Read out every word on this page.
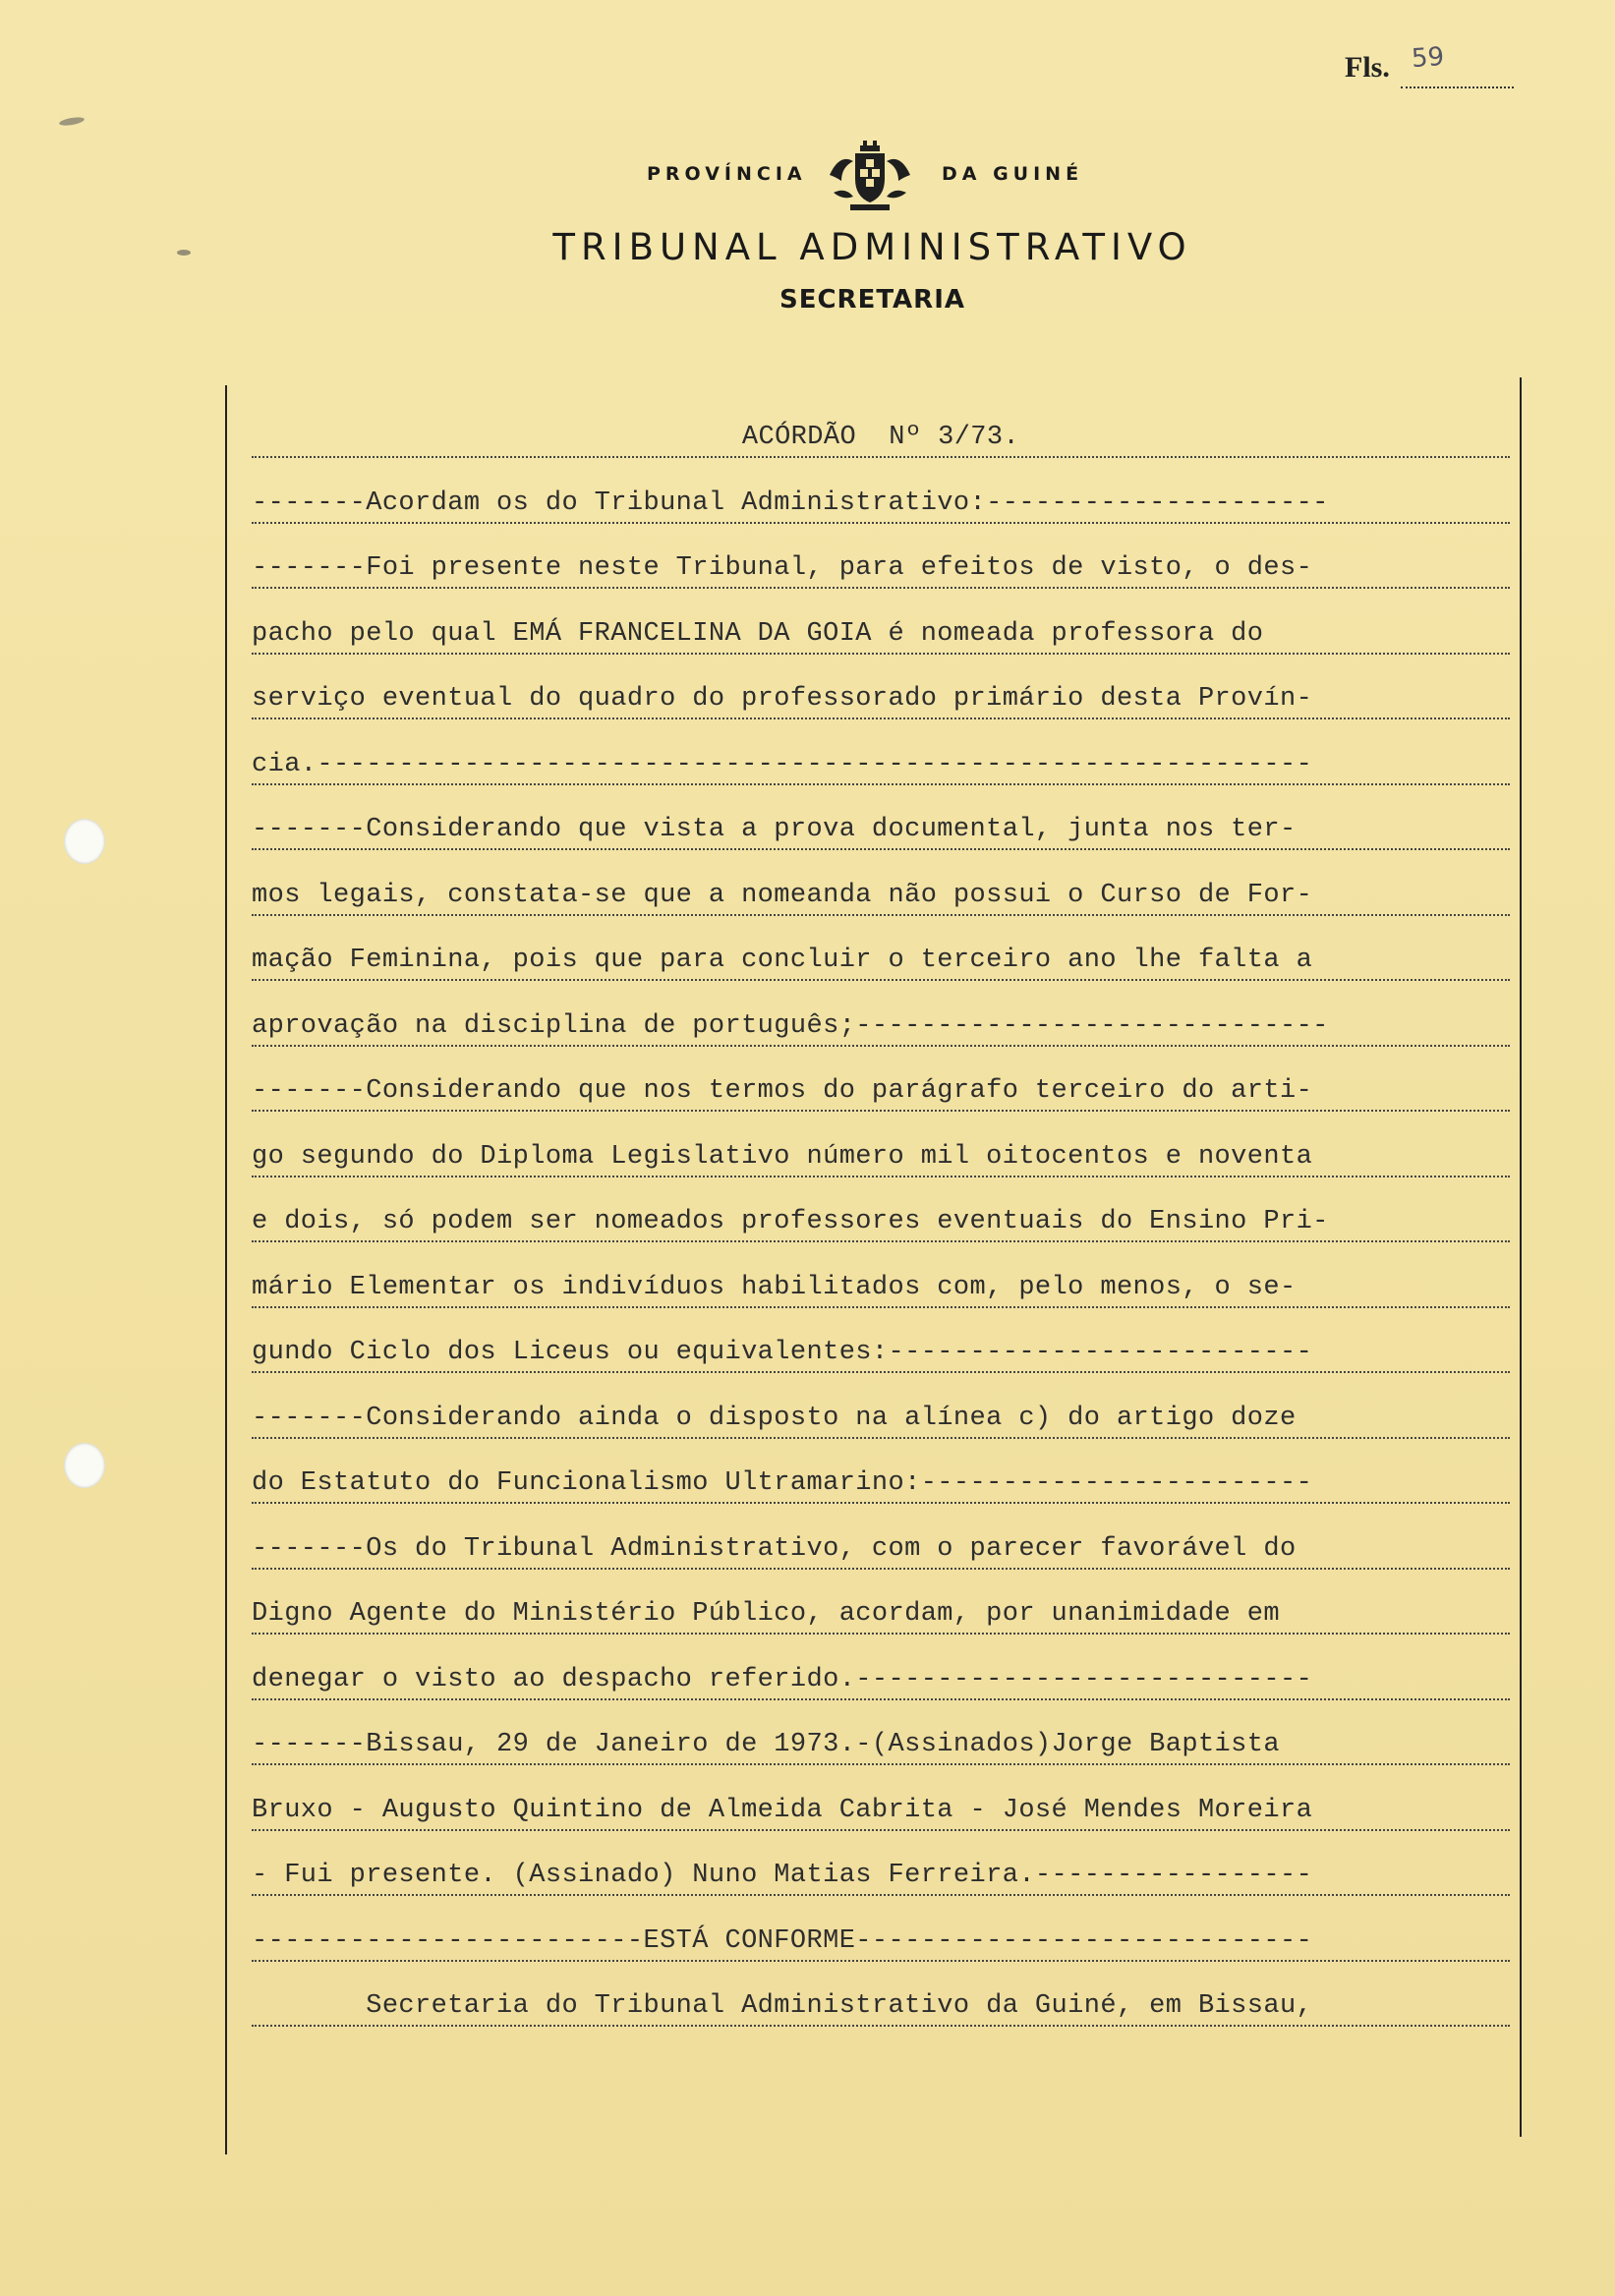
Fls. 59
PROVÍNCIA	DA GUINÉ
TRIBUNAL ADMINISTRATIVO
SECRETARIA
ACÓRDÃO  Nº 3/73.
-------Acordam os do Tribunal Administrativo:---------------------
-------Foi presente neste Tribunal, para efeitos de visto, o des-
pacho pelo qual EMÁ FRANCELINA DA GOIA é nomeada professora do
serviço eventual do quadro do professorado primário desta Provín-
cia.-------------------------------------------------------------
-------Considerando que vista a prova documental, junta nos ter-
mos legais, constata-se que a nomeanda não possui o Curso de For-
mação Feminina, pois que para concluir o terceiro ano lhe falta a
aprovação na disciplina de português;-----------------------------
-------Considerando que nos termos do parágrafo terceiro do arti-
go segundo do Diploma Legislativo número mil oitocentos e noventa
e dois, só podem ser nomeados professores eventuais do Ensino Pri-
mário Elementar os indivíduos habilitados com, pelo menos, o se-
gundo Ciclo dos Liceus ou equivalentes:--------------------------
-------Considerando ainda o disposto na alínea c) do artigo doze
do Estatuto do Funcionalismo Ultramarino:------------------------
-------Os do Tribunal Administrativo, com o parecer favorável do
Digno Agente do Ministério Público, acordam, por unanimidade em
denegar o visto ao despacho referido.----------------------------
-------Bissau, 29 de Janeiro de 1973.-(Assinados)Jorge Baptista
Bruxo - Augusto Quintino de Almeida Cabrita - José Mendes Moreira
- Fui presente. (Assinado) Nuno Matias Ferreira.-----------------
------------------------ESTÁ CONFORME----------------------------
Secretaria do Tribunal Administrativo da Guiné, em Bissau,
